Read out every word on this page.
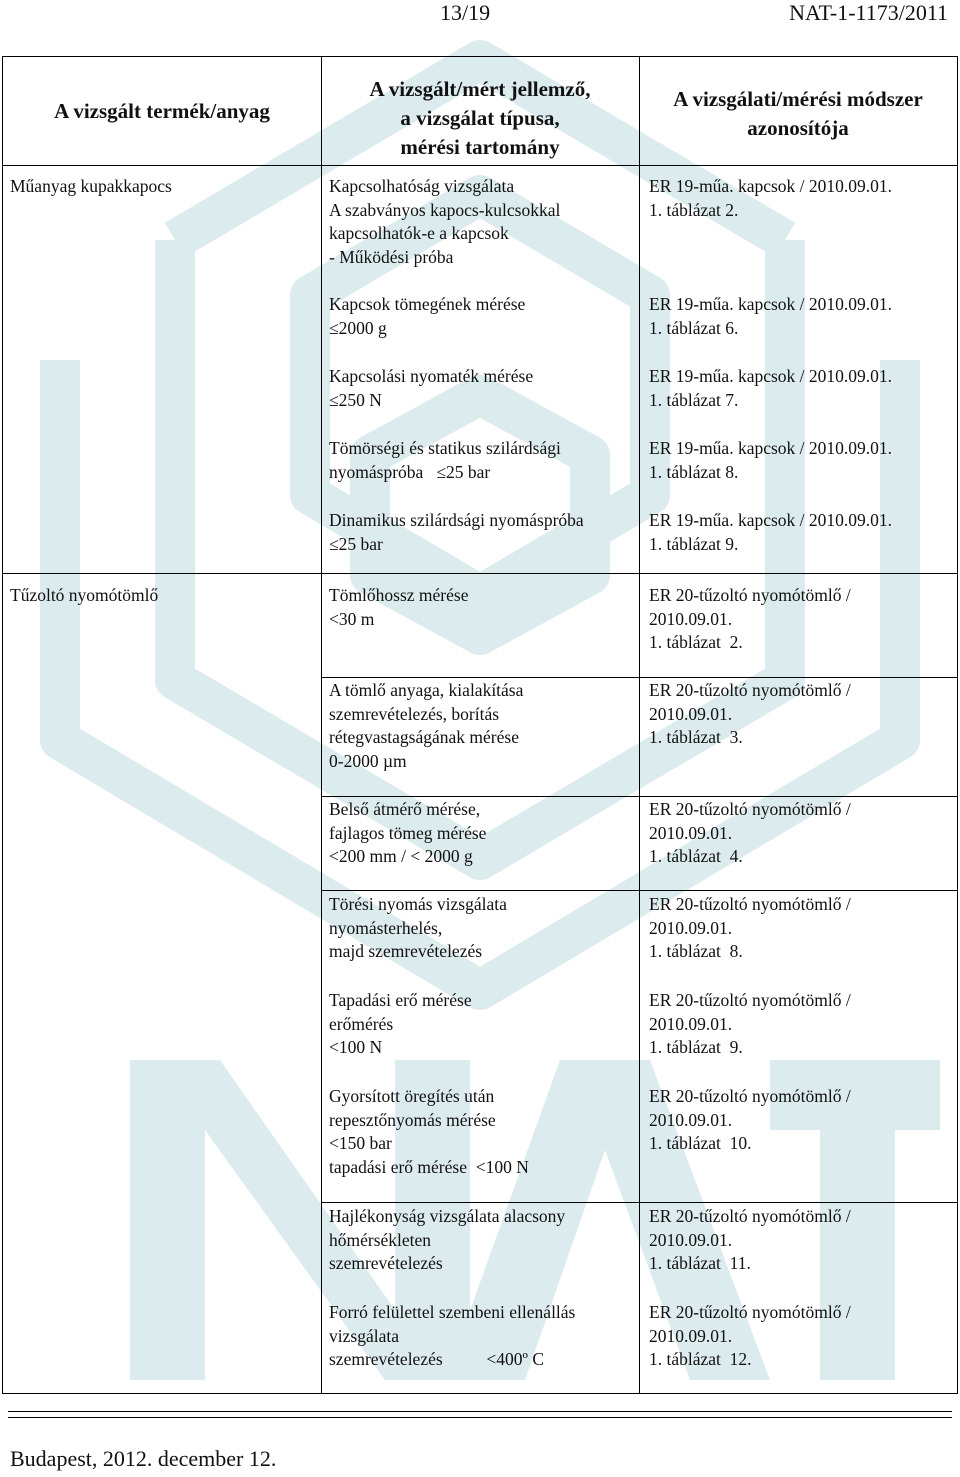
13/19	NAT-1-1173/2011
A vizsgált termék/anyag
A vizsgált/mért jellemző,
a vizsgálat típusa,
mérési tartomány
A vizsgálati/mérési módszer
azonosítója
Műanyag kupakkapocs
Tűzoltó nyomótömlő
Kapcsolhatóság vizsgálata
A szabványos kapocs-kulcsokkal
kapcsolhatók-e a kapcsok
- Működési próba
ER 19-műa. kapcsok / 2010.09.01.
1. táblázat 2.
Kapcsok tömegének mérése
≤2000 g
ER 19-műa. kapcsok / 2010.09.01.
1. táblázat 6.
Kapcsolási nyomaték mérése
≤250 N
ER 19-műa. kapcsok / 2010.09.01.
1. táblázat 7.
Tömörségi és statikus szilárdsági
nyomáspróba   ≤25 bar
ER 19-műa. kapcsok / 2010.09.01.
1. táblázat 8.
Dinamikus szilárdsági nyomáspróba
≤25 bar
ER 19-műa. kapcsok / 2010.09.01.
1. táblázat 9.
Tömlőhossz mérése
<30 m
ER 20-tűzoltó nyomótömlő /
2010.09.01.
1. táblázat  2.
A tömlő anyaga, kialakítása
szemrevételezés, borítás
rétegvastagságának mérése
0-2000 µm
ER 20-tűzoltó nyomótömlő /
2010.09.01.
1. táblázat  3.
Belső átmérő mérése,
fajlagos tömeg mérése
<200 mm / < 2000 g
ER 20-tűzoltó nyomótömlő /
2010.09.01.
1. táblázat  4.
Törési nyomás vizsgálata
nyomásterhelés,
majd szemrevételezés
ER 20-tűzoltó nyomótömlő /
2010.09.01.
1. táblázat  8.
Tapadási erő mérése
erőmérés
<100 N
ER 20-tűzoltó nyomótömlő /
2010.09.01.
1. táblázat  9.
Gyorsított öregítés után
repesztőnyomás mérése
<150 bar
tapadási erő mérése  <100 N
ER 20-tűzoltó nyomótömlő /
2010.09.01.
1. táblázat  10.
Hajlékonyság vizsgálata alacsony
hőmérsékleten
szemrevételezés
ER 20-tűzoltó nyomótömlő /
2010.09.01.
1. táblázat  11.
Forró felülettel szembeni ellenállás
vizsgálata
szemrevételezés          <400º C
ER 20-tűzoltó nyomótömlő /
2010.09.01.
1. táblázat  12.
Budapest, 2012. december 12.
